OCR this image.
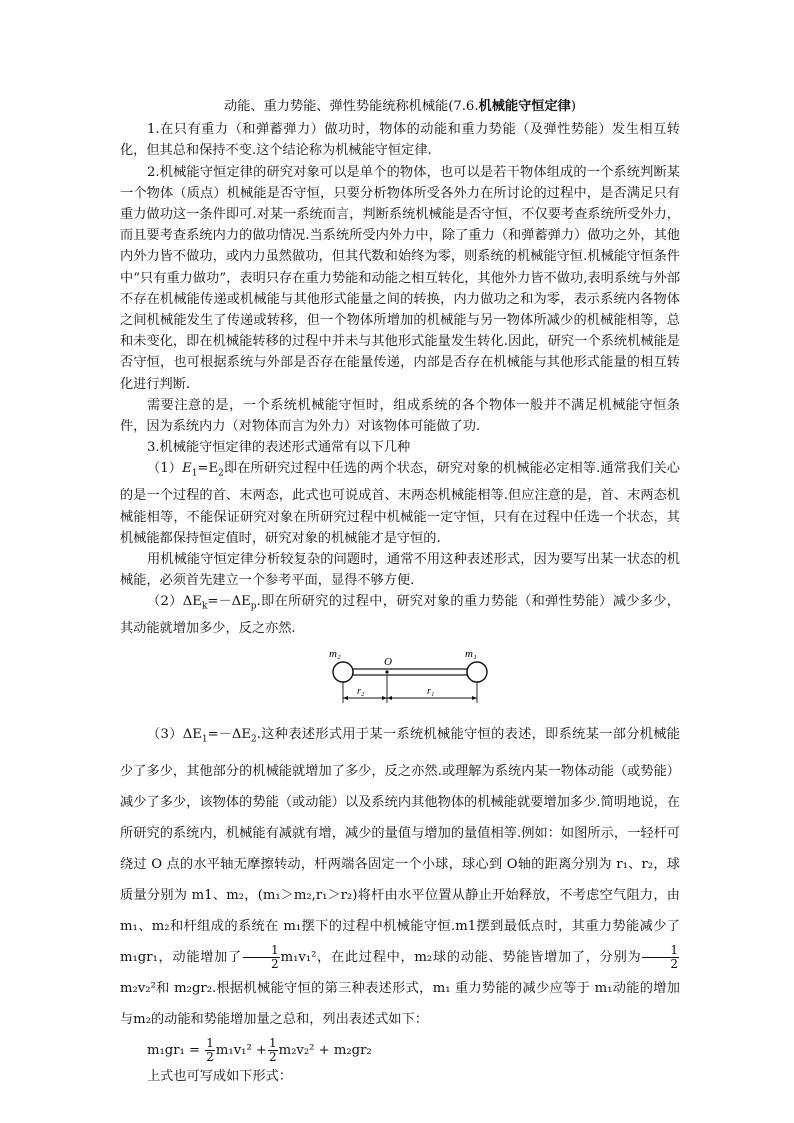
动能、重力势能、弹性势能统称机械能(7.6.机械能守恒定律)

1.在只有重力（和弹蓄弹力）做功时，物体的动能和重力势能（及弹性势能）发生相互转化，但其总和保持不变.这个结论称为机械能守恒定律.

2.机械能守恒定律的研究对象可以是单个的物体，也可以是若干物体组成的一个系统判断某一个物体（质点）机械能是否守恒，只要分析物体所受各外力在所讨论的过程中，是否满足只有重力做功这一条件即可.对某一系统而言，判断系统机械能是否守恒，不仅要考查系统所受外力，而且要考查系统内力的做功情况.当系统所受内外力中，除了重力（和弹蓄弹力）做功之外，其他内外力皆不做功，或内力虽然做功，但其代数和始终为零，则系统的机械能守恒.机械能守恒条件中“只有重力做功”，表明只存在重力势能和动能之相互转化，其他外力皆不做功,表明系统与外部不存在机械能传递或机械能与其他形式能量之间的转换，内力做功之和为零，表示系统内各物体之间机械能发生了传递或转移，但一个物体所增加的机械能与另一物体所减少的机械能相等，总和未变化，即在机械能转移的过程中并未与其他形式能量发生转化.因此，研究一个系统机械能是否守恒，也可根据系统与外部是否存在能量传递，内部是否存在机械能与其他形式能量的相互转化进行判断.

需要注意的是，一个系统机械能守恒时，组成系统的各个物体一般并不满足机械能守恒条件，因为系统内力（对物体而言为外力）对该物体可能做了功.

3.机械能守恒定律的表述形式通常有以下几种

$(1)E_1=E_2$即在所研究过程中任选的两个状态，研究对象的机械能必定相等.通常我们关心的是一个过程的首、末两态，此式也可说成首、末两态机械能相等.但应注意的是，首、末两态机械能相等，不能保证研究对象在所研究过程中机械能一定守恒，只有在过程中任选一个状态，其机械能都保持恒定值时，研究对象的机械能才是守恒的.

用机械能守恒定律分析较复杂的问题时，通常不用这种表述形式，因为要写出某一状态的机械能，必须首先建立一个参考平面，显得不够方便.

$(2)\Delta E_k=-\Delta E_p$.即在所研究的过程中，研究对象的重力势能（和弹性势能）减少多少，其动能就增加多少，反之亦然.

m₂
O
m₁
r₂	r₁

$(3)\Delta E_1=-\Delta E_2$.这种表述形式用于某一系统机械能守恒的表述，即系统某一部分机械能少了多少，其他部分的机械能就增加了多少，反之亦然.或理解为系统内某一物体动能（或势能）减少了多少，该物体的势能（或动能）以及系统内其他物体的机械能就要增加多少.简明地说，在所研究的系统内，机械能有减就有增，减少的量值与增加的量值相等.例如：如图所示，一轻杆可绕过 O 点的水平轴无摩擦转动，杆两端各固定一个小球，球心到 O轴的距离分别为 r₁、r₂，球质量分别为 m1、m₂，(m₁＞m₂,r₁＞r₂)将杆由水平位置从静止开始释放，不考虑空气阻力，由 m₁、m₂和杆组成的系统在 m₁摆下的过程中机械能守恒.m1摆到最低点时，其重力势能减少了 m₁gr₁，动能增加了 $\frac{1}{2} m_1v_1^2$，在此过程中，m₂球的动能、势能皆增加了，分别为 $\frac{1}{2}$
m₂v₂²和 m₂gr₂.根据机械能守恒的第三种表述形式，m₁ 重力势能的减少应等于 m₁动能的增加与m₂的动能和势能增加量之总和，列出表述式如下：

$m_1gr_1 = \frac{1}{2} m_1v_1^2 + \frac{1}{2} m_2v_2^2 + m_2gr_2$

上式也可写成如下形式：
